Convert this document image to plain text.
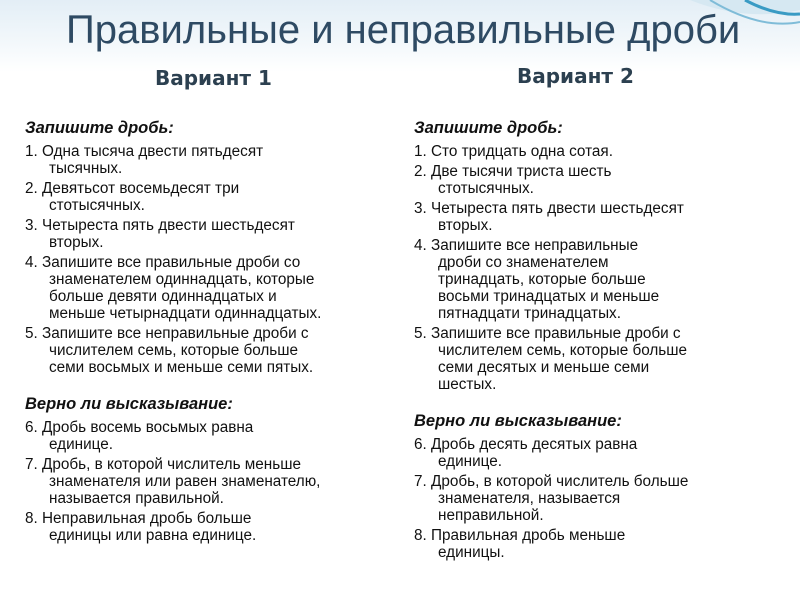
Правильные и неправильные дроби
Вариант 1	Вариант 2
Запишите дробь:
1. Одна тысяча двести пятьдесят
тысячных.
2. Девятьсот восемьдесят три
стотысячных.
3. Четыреста пять двести шестьдесят
вторых.
4. Запишите все правильные дроби со
знаменателем одиннадцать, которые
больше девяти одиннадцатых и
меньше четырнадцати одиннадцатых.
5. Запишите все неправильные дроби с
числителем семь, которые больше
семи восьмых и меньше семи пятых.
Верно ли высказывание:
6. Дробь восемь восьмых равна
единице.
7. Дробь, в которой числитель меньше
знаменателя или равен знаменателю,
называется правильной.
8. Неправильная дробь больше
единицы или равна единице.
Запишите дробь:
1. Сто тридцать одна сотая.
2. Две тысячи триста шесть
стотысячных.
3. Четыреста пять двести шестьдесят
вторых.
4. Запишите все неправильные
дроби со знаменателем
тринадцать, которые больше
восьми тринадцатых и меньше
пятнадцати тринадцатых.
5. Запишите все правильные дроби с
числителем семь, которые больше
семи десятых и меньше семи
шестых.
Верно ли высказывание:
6. Дробь десять десятых равна
единице.
7. Дробь, в которой числитель больше
знаменателя, называется
неправильной.
8. Правильная дробь меньше
единицы.
